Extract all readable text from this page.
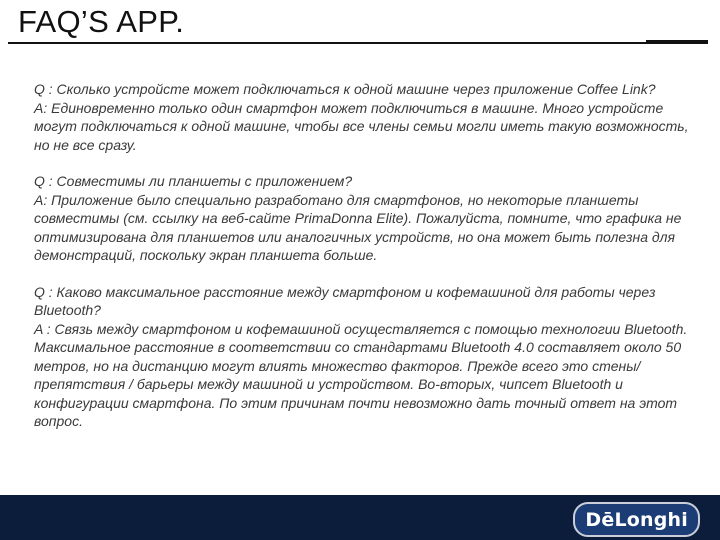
FAQ’S APP.

Q : Сколько устройсте может подключаться к одной машине через приложение Coffee Link?

A: Единовременно только один смартфон может подключиться в машине. Много устройсте могут подключаться к одной машине, чтобы все члены семьи могли иметь такую возможность, но не все сразу.

Q : Совместимы ли планшеты с приложением?

A: Приложение было специально разработано для смартфонов, но некоторые планшеты совместимы (см. ссылку на веб-сайте PrimaDonna Elite). Пожалуйста, помните, что графика не оптимизирована для планшетов или аналогичных устройств, но она может быть полезна для демонстраций, поскольку экран планшета больше.

Q : Каково максимальное расстояние между смартфоном и кофемашиной для работы через Bluetooth?

A : Связь между смартфоном и кофемашиной осуществляется с помощью технологии Bluetooth. Максимальное расстояние в соответствии со стандартами Bluetooth 4.0 составляет около 50 метров, но на дистанцию могут влиять множество факторов. Прежде всего это стены/ препятствия / барьеры между машиной и устройством. Во-вторых, чипсет Bluetooth и конфигурации смартфона. По этим причинам почти невозможно дать точный ответ на этот вопрос.

DēLonghi
